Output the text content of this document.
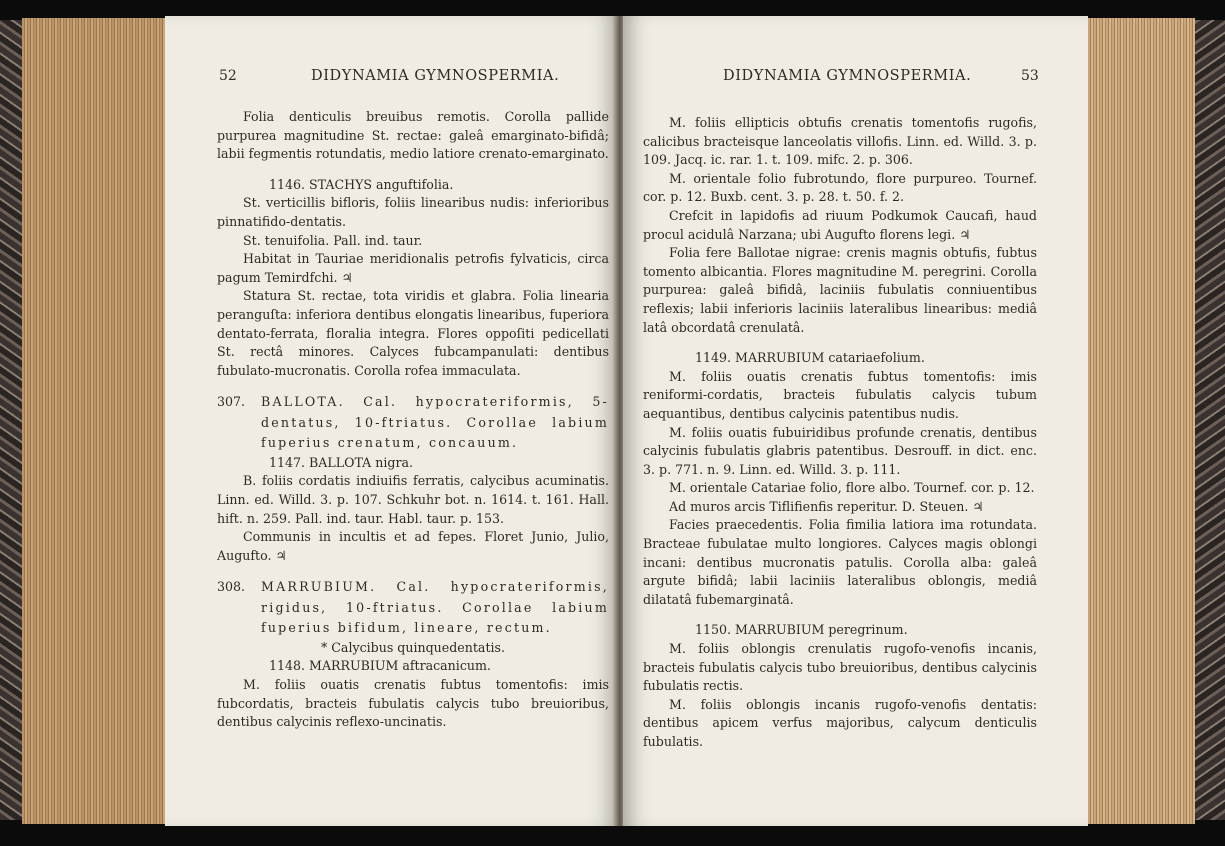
52	DIDYNAMIA GYMNOSPERMIA.

Folia denticulis breuibus remotis. Corolla pallide purpurea magnitudine St. rectae: galeâ emarginato-bifidâ; labii fegmentis rotundatis, medio latiore crenato-emarginato.

1146. STACHYS anguftifolia.

St. verticillis bifloris, foliis linearibus nudis: inferioribus pinnatifido-dentatis.

St. tenuifolia. Pall. ind. taur.

Habitat in Tauriae meridionalis petrofis fylvaticis, circa pagum Temirdfchi. ♃

Statura St. rectae, tota viridis et glabra. Folia linearia peranguſta: inferiora dentibus elongatis linearibus, fuperiora dentato-ferrata, floralia integra. Flores oppoſiti pedicellati St. rectâ minores. Calyces fubcampanulati: dentibus fubulato-mucronatis. Corolla rofea immaculata.

307. BALLOTA. Cal. hypocrateriformis, 5-dentatus, 10-ftriatus. Corollae labium fuperius crenatum, concauum.

1147. BALLOTA nigra.

B. foliis cordatis indiuifis ferratis, calycibus acuminatis. Linn. ed. Willd. 3. p. 107. Schkuhr bot. n. 1614. t. 161. Hall. hift. n. 259. Pall. ind. taur. Habl. taur. p. 153.

Communis in incultis et ad fepes. Floret Junio, Julio, Augufto. ♃

308. MARRUBIUM. Cal. hypocrateriformis, rigidus, 10-ftriatus. Corollae labium fuperius bifidum, lineare, rectum.

* Calycibus quinquedentatis.

1148. MARRUBIUM aftracanicum.

M. foliis ouatis crenatis fubtus tomentofis: imis fubcordatis, bracteis fubulatis calycis tubo breuioribus, dentibus calycinis reflexo-uncinatis.

DIDYNAMIA GYMNOSPERMIA.	53

M. foliis ellipticis obtufis crenatis tomentofis rugofis, calicibus bracteisque lanceolatis villofis. Linn. ed. Willd. 3. p. 109. Jacq. ic. rar. 1. t. 109. mifc. 2. p. 306.

M. orientale folio fubrotundo, flore purpureo. Tournef. cor. p. 12. Buxb. cent. 3. p. 28. t. 50. f. 2.

Crefcit in lapidofis ad riuum Podkumok Caucafi, haud procul acidulâ Narzana; ubi Augufto florens legi. ♃

Folia fere Ballotae nigrae: crenis magnis obtufis, fubtus tomento albicantia. Flores magnitudine M. peregrini. Corolla purpurea: galeâ bifidâ, laciniis fubulatis conniuentibus reflexis; labii inferioris laciniis lateralibus linearibus: mediâ latâ obcordatâ crenulatâ.

1149. MARRUBIUM catariaefolium.

M. foliis ouatis crenatis fubtus tomentofis: imis reniformi-cordatis, bracteis fubulatis calycis tubum aequantibus, dentibus calycinis patentibus nudis.

M. foliis ouatis fubuiridibus profunde crenatis, dentibus calycinis fubulatis glabris patentibus. Desrouff. in dict. enc. 3. p. 771. n. 9. Linn. ed. Willd. 3. p. 111.

M. orientale Catariae folio, flore albo. Tournef. cor. p. 12.

Ad muros arcis Tiflifienfis reperitur. D. Steuen. ♃

Facies praecedentis. Folia fimilia latiora ima rotundata. Bracteae fubulatae multo longiores. Calyces magis oblongi incani: dentibus mucronatis patulis. Corolla alba: galeâ argute bifidâ; labii laciniis lateralibus oblongis, mediâ dilatatâ fubemarginatâ.

1150. MARRUBIUM peregrinum.

M. foliis oblongis crenulatis rugofo-venofis incanis, bracteis fubulatis calycis tubo breuioribus, dentibus calycinis fubulatis rectis.

M. foliis oblongis incanis rugofo-venofis dentatis: dentibus apicem verfus majoribus, calycum denticulis fubulatis.
